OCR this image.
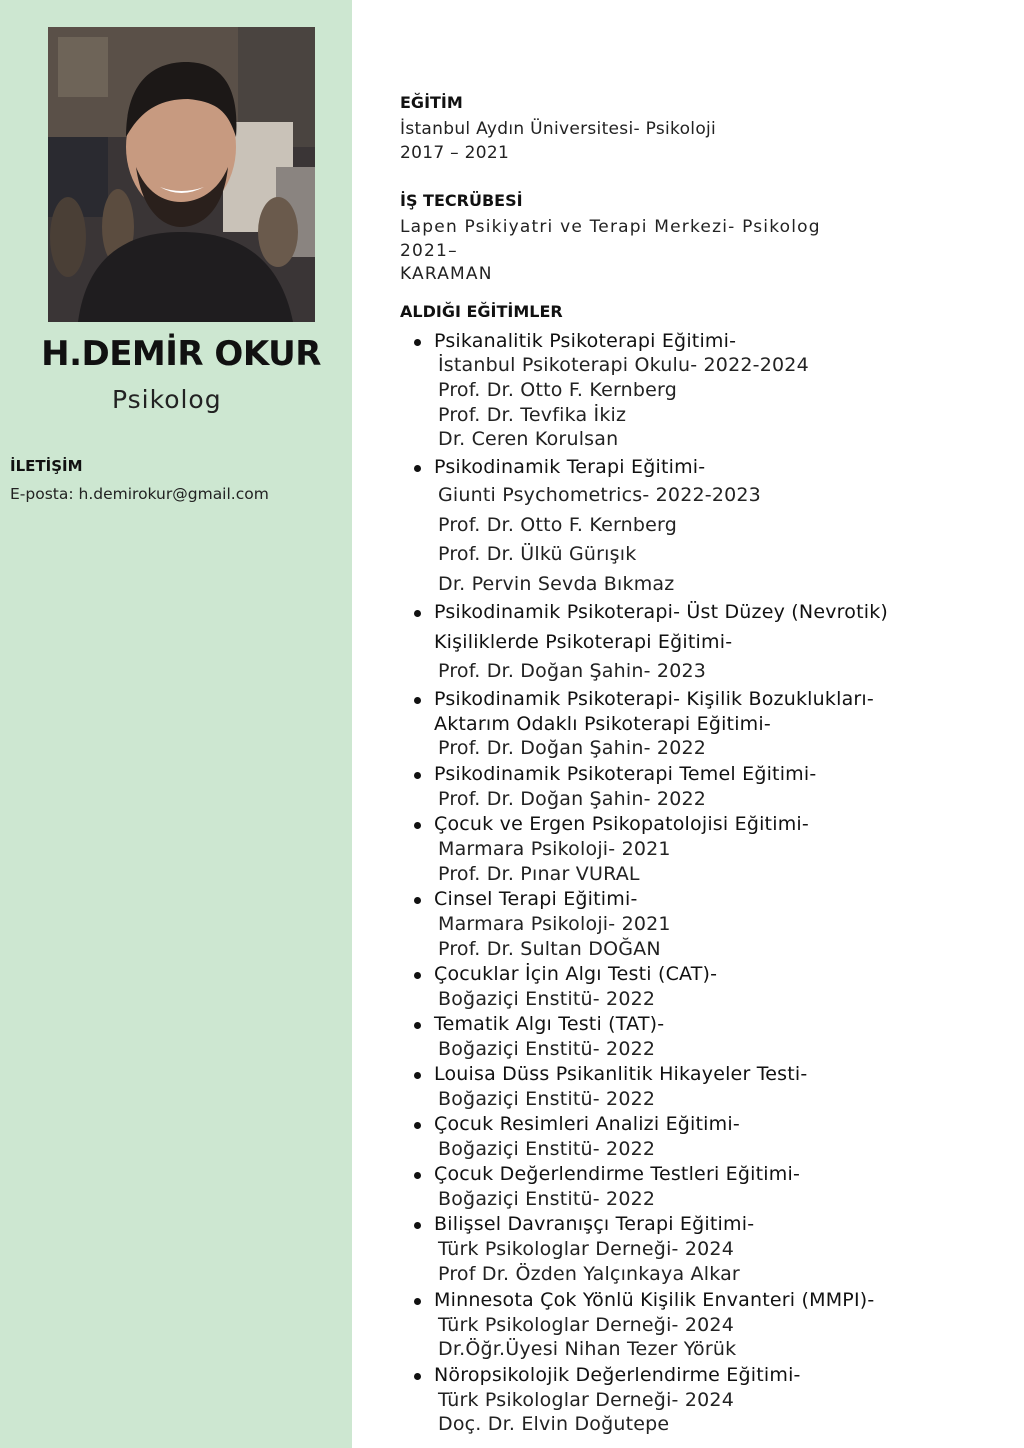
H.DEMİR OKUR
Psikolog
İLETİŞİM
E-posta: h.demirokur@gmail.com
EĞİTİM
İstanbul Aydın Üniversitesi- Psikoloji
2017 – 2021
İŞ TECRÜBESİ
Lapen Psikiyatri ve Terapi Merkezi- Psikolog
2021–
KARAMAN
ALDIĞI EĞİTİMLER
Psikanalitik Psikoterapi Eğitimi-
İstanbul Psikoterapi Okulu- 2022-2024
Prof. Dr. Otto F. Kernberg
Prof. Dr. Tevfika İkiz
Dr. Ceren Korulsan
Psikodinamik Terapi Eğitimi-
Giunti Psychometrics- 2022-2023
Prof. Dr. Otto F. Kernberg
Prof. Dr. Ülkü Gürışık
Dr. Pervin Sevda Bıkmaz
Psikodinamik Psikoterapi- Üst Düzey (Nevrotik)
Kişiliklerde Psikoterapi Eğitimi-
Prof. Dr. Doğan Şahin- 2023
Psikodinamik Psikoterapi- Kişilik Bozuklukları-
Aktarım Odaklı Psikoterapi Eğitimi-
Prof. Dr. Doğan Şahin- 2022
Psikodinamik Psikoterapi Temel Eğitimi-
Prof. Dr. Doğan Şahin- 2022
Çocuk ve Ergen Psikopatolojisi Eğitimi-
Marmara Psikoloji- 2021
Prof. Dr. Pınar VURAL
Cinsel Terapi Eğitimi-
Marmara Psikoloji- 2021
Prof. Dr. Sultan DOĞAN
Çocuklar İçin Algı Testi (CAT)-
Boğaziçi Enstitü- 2022
Tematik Algı Testi (TAT)-
Boğaziçi Enstitü- 2022
Louisa Düss Psikanlitik Hikayeler Testi-
Boğaziçi Enstitü- 2022
Çocuk Resimleri Analizi Eğitimi-
Boğaziçi Enstitü- 2022
Çocuk Değerlendirme Testleri Eğitimi-
Boğaziçi Enstitü- 2022
Bilişsel Davranışçı Terapi Eğitimi-
Türk Psikologlar Derneği- 2024
Prof Dr. Özden Yalçınkaya Alkar
Minnesota Çok Yönlü Kişilik Envanteri (MMPI)-
Türk Psikologlar Derneği- 2024
Dr.Öğr.Üyesi Nihan Tezer Yörük
Nöropsikolojik Değerlendirme Eğitimi-
Türk Psikologlar Derneği- 2024
Doç. Dr. Elvin Doğutepe
